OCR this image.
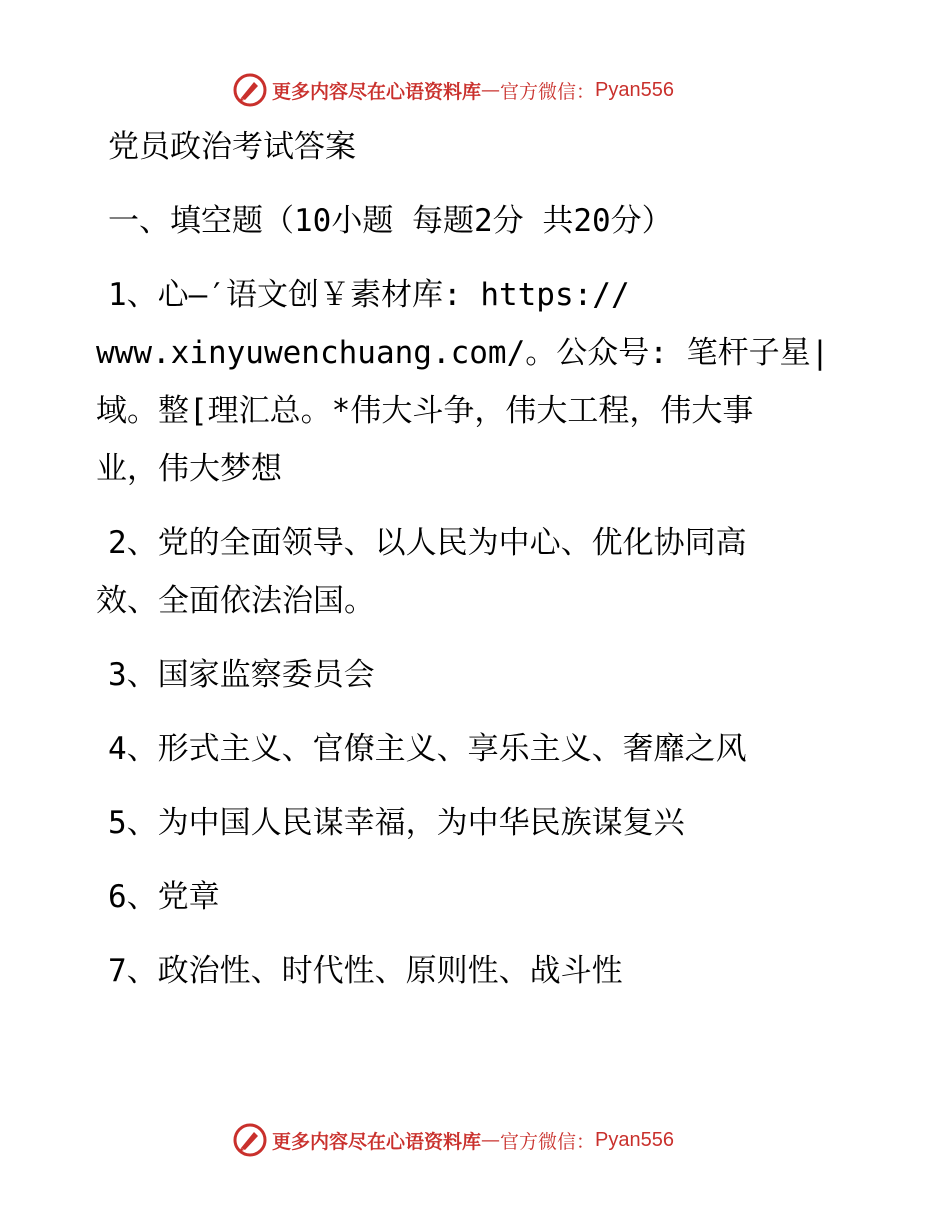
更多内容尽在心语资料库 — 官方微信： Pyan556
党员政治考试答案
一、填空题（10小题 每题2分 共20分）
1、心—′语文创￥素材库: https://
www.xinyuwenchuang.com/。公众号: 笔杆子星|
域。整[理汇总。*伟大斗争，伟大工程，伟大事
业，伟大梦想
2、党的全面领导、以人民为中心、优化协同高
效、全面依法治国。
3、国家监察委员会
4、形式主义、官僚主义、享乐主义、奢靡之风
5、为中国人民谋幸福，为中华民族谋复兴
6、党章
7、政治性、时代性、原则性、战斗性
更多内容尽在心语资料库 — 官方微信： Pyan556
